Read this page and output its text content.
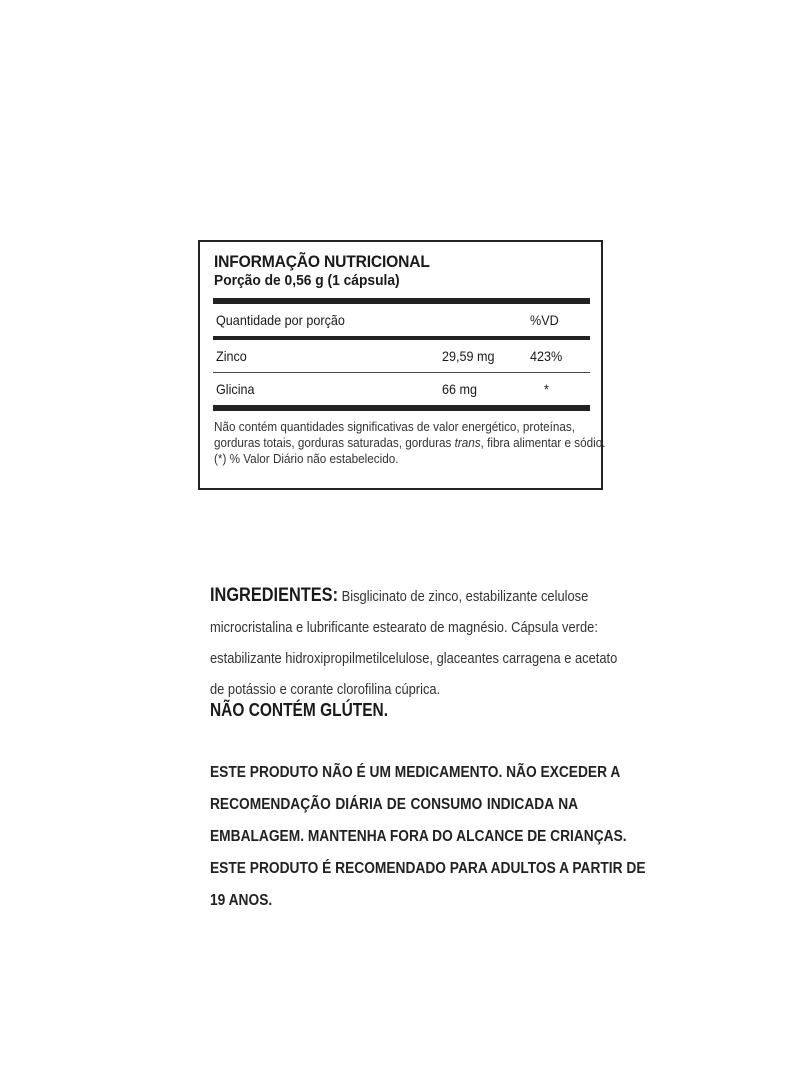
INFORMAÇÃO NUTRICIONAL
Porção de 0,56 g (1 cápsula)
Quantidade por porção	%VD
Zinco	29,59 mg	423%
Glicina	66 mg	*
Não contém quantidades significativas de valor energético, proteínas,
gorduras totais, gorduras saturadas, gorduras trans, fibra alimentar e sódio.
(*) % Valor Diário não estabelecido.
INGREDIENTES: Bisglicinato de zinco, estabilizante celulose
microcristalina e lubrificante estearato de magnésio. Cápsula verde:
estabilizante hidroxipropilmetilcelulose, glaceantes carragena e acetato
de potássio e corante clorofilina cúprica.
NÃO CONTÉM GLÚTEN.
ESTE PRODUTO NÃO É UM MEDICAMENTO. NÃO EXCEDER A
RECOMENDAÇÃO DIÁRIA DE CONSUMO INDICADA NA
EMBALAGEM. MANTENHA FORA DO ALCANCE DE CRIANÇAS.
ESTE PRODUTO É RECOMENDADO PARA ADULTOS A PARTIR DE
19 ANOS.
